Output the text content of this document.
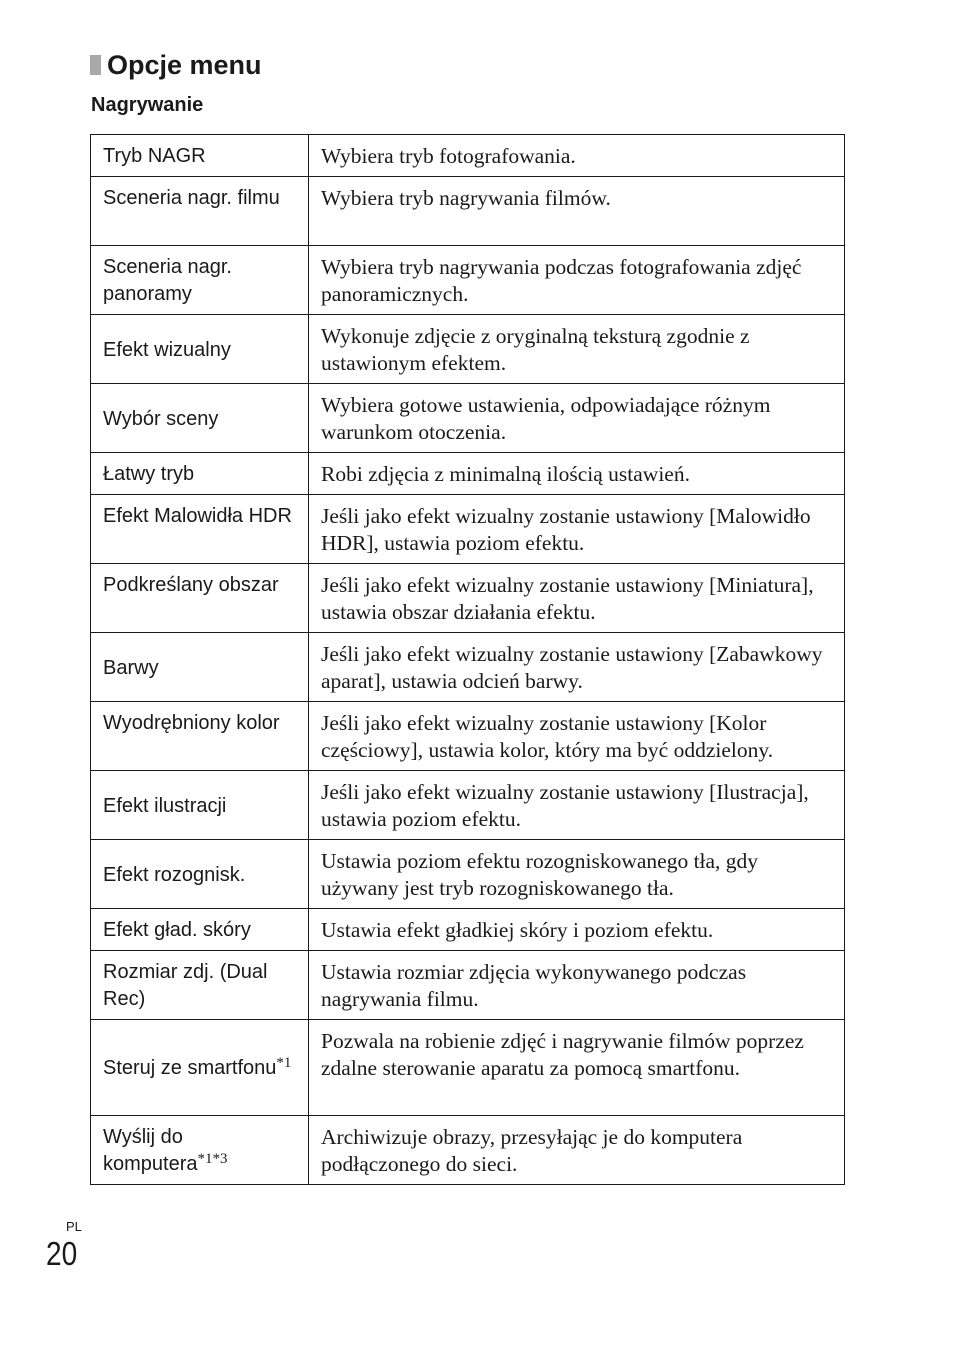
Opcje menu
Nagrywanie
Tryb NAGR	Wybiera tryb fotografowania.
Sceneria nagr. filmu	Wybiera tryb nagrywania filmów.
Sceneria nagr. panoramy	Wybiera tryb nagrywania podczas fotografowania zdjęć panoramicznych.
Efekt wizualny	Wykonuje zdjęcie z oryginalną teksturą zgodnie z ustawionym efektem.
Wybór sceny	Wybiera gotowe ustawienia, odpowiadające różnym warunkom otoczenia.
Łatwy tryb	Robi zdjęcia z minimalną ilością ustawień.
Efekt Malowidła HDR	Jeśli jako efekt wizualny zostanie ustawiony [Malowidło HDR], ustawia poziom efektu.
Podkreślany obszar	Jeśli jako efekt wizualny zostanie ustawiony [Miniatura], ustawia obszar działania efektu.
Barwy	Jeśli jako efekt wizualny zostanie ustawiony [Zabawkowy aparat], ustawia odcień barwy.
Wyodrębniony kolor	Jeśli jako efekt wizualny zostanie ustawiony [Kolor częściowy], ustawia kolor, który ma być oddzielony.
Efekt ilustracji	Jeśli jako efekt wizualny zostanie ustawiony [Ilustracja], ustawia poziom efektu.
Efekt rozognisk.	Ustawia poziom efektu rozogniskowanego tła, gdy używany jest tryb rozogniskowanego tła.
Efekt gład. skóry	Ustawia efekt gładkiej skóry i poziom efektu.
Rozmiar zdj. (Dual Rec)	Ustawia rozmiar zdjęcia wykonywanego podczas nagrywania filmu.
Steruj ze smartfonu$^{*1}$	Pozwala na robienie zdjęć i nagrywanie filmów poprzez zdalne sterowanie aparatu za pomocą smartfonu.
Wyślij do komputera$^{*1*3}$	Archiwizuje obrazy, przesyłając je do komputera podłączonego do sieci.
PL
20
